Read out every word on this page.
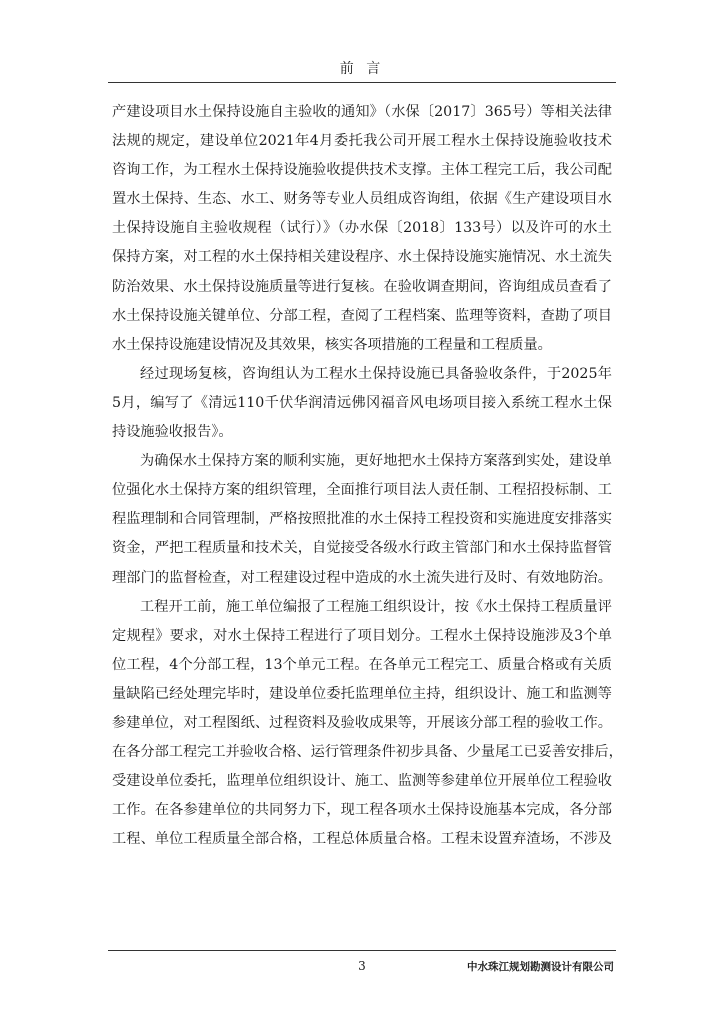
前 言

产建设项目水土保持设施自主验收的通知》（水保〔2017〕365号）等相关法律
法规的规定，建设单位2021年4月委托我公司开展工程水土保持设施验收技术
咨询工作，为工程水土保持设施验收提供技术支撑。主体工程完工后，我公司配
置水土保持、生态、水工、财务等专业人员组成咨询组，依据《生产建设项目水
土保持设施自主验收规程（试行）》（办水保〔2018〕133号）以及许可的水土
保持方案，对工程的水土保持相关建设程序、水土保持设施实施情况、水土流失
防治效果、水土保持设施质量等进行复核。在验收调查期间，咨询组成员查看了
水土保持设施关键单位、分部工程，查阅了工程档案、监理等资料，查勘了项目
水土保持设施建设情况及其效果，核实各项措施的工程量和工程质量。

经过现场复核，咨询组认为工程水土保持设施已具备验收条件，于2025年
5月，编写了《清远110千伏华润清远佛冈福音风电场项目接入系统工程水土保
持设施验收报告》。

为确保水土保持方案的顺利实施，更好地把水土保持方案落到实处，建设单
位强化水土保持方案的组织管理，全面推行项目法人责任制、工程招投标制、工
程监理制和合同管理制，严格按照批准的水土保持工程投资和实施进度安排落实
资金，严把工程质量和技术关，自觉接受各级水行政主管部门和水土保持监督管
理部门的监督检查，对工程建设过程中造成的水土流失进行及时、有效地防治。

工程开工前，施工单位编报了工程施工组织设计，按《水土保持工程质量评
定规程》要求，对水土保持工程进行了项目划分。工程水土保持设施涉及3个单
位工程，4个分部工程，13个单元工程。在各单元工程完工、质量合格或有关质
量缺陷已经处理完毕时，建设单位委托监理单位主持，组织设计、施工和监测等
参建单位，对工程图纸、过程资料及验收成果等，开展该分部工程的验收工作。
在各分部工程完工并验收合格、运行管理条件初步具备、少量尾工已妥善安排后，
受建设单位委托，监理单位组织设计、施工、监测等参建单位开展单位工程验收
工作。在各参建单位的共同努力下，现工程各项水土保持设施基本完成，各分部
工程、单位工程质量全部合格，工程总体质量合格。工程未设置弃渣场，不涉及

3	中水珠江规划勘测设计有限公司
